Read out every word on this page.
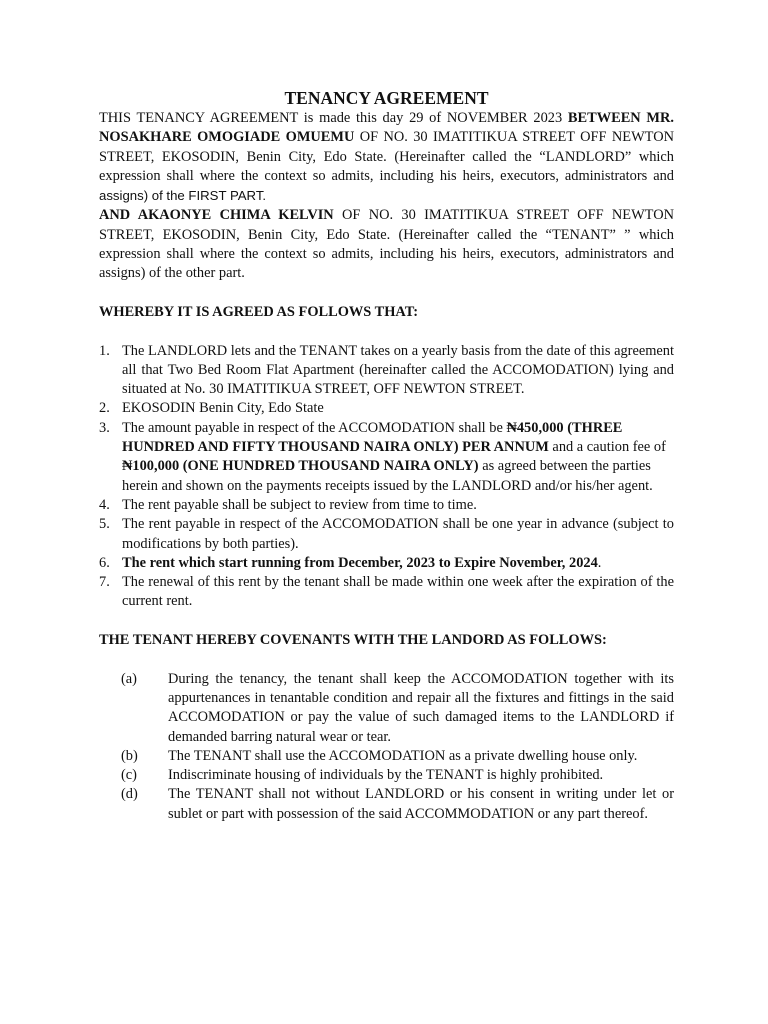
TENANCY AGREEMENT

THIS TENANCY AGREEMENT is made this day 29 of NOVEMBER 2023 BETWEEN MR. NOSAKHARE OMOGIADE OMUEMU OF NO. 30 IMATITIKUA STREET OFF NEWTON STREET, EKOSODIN, Benin City, Edo State. (Hereinafter called the “LANDLORD” which expression shall where the context so admits, including his heirs, executors, administrators and assigns) of the FIRST PART.

AND AKAONYE CHIMA KELVIN OF NO. 30 IMATITIKUA STREET OFF NEWTON STREET, EKOSODIN, Benin City, Edo State. (Hereinafter called the “TENANT” ” which expression shall where the context so admits, including his heirs, executors, administrators and assigns) of the other part.

WHEREBY IT IS AGREED AS FOLLOWS THAT:
1. The LANDLORD lets and the TENANT takes on a yearly basis from the date of this agreement all that Two Bed Room Flat Apartment (hereinafter called the ACCOMODATION) lying and situated at No. 30 IMATITIKUA STREET, OFF NEWTON STREET.
2. EKOSODIN Benin City, Edo State
3. The amount payable in respect of the ACCOMODATION shall be ₦450,000 (THREE HUNDRED AND FIFTY THOUSAND NAIRA ONLY) PER ANNUM and a caution fee of ₦100,000 (ONE HUNDRED THOUSAND NAIRA ONLY) as agreed between the parties herein and shown on the payments receipts issued by the LANDLORD and/or his/her agent.
4. The rent payable shall be subject to review from time to time.
5. The rent payable in respect of the ACCOMODATION shall be one year in advance (subject to modifications by both parties).
6. The rent which start running from December, 2023 to Expire November, 2024.
7. The renewal of this rent by the tenant shall be made within one week after the expiration of the current rent.
THE TENANT HEREBY COVENANTS WITH THE LANDORD AS FOLLOWS:
(a) During the tenancy, the tenant shall keep the ACCOMODATION together with its appurtenances in tenantable condition and repair all the fixtures and fittings in the said ACCOMODATION or pay the value of such damaged items to the LANDLORD if demanded barring natural wear or tear.
(b) The TENANT shall use the ACCOMODATION as a private dwelling house only.
(c) Indiscriminate housing of individuals by the TENANT is highly prohibited.
(d) The TENANT shall not without LANDLORD or his consent in writing under let or sublet or part with possession of the said ACCOMMODATION or any part thereof.
